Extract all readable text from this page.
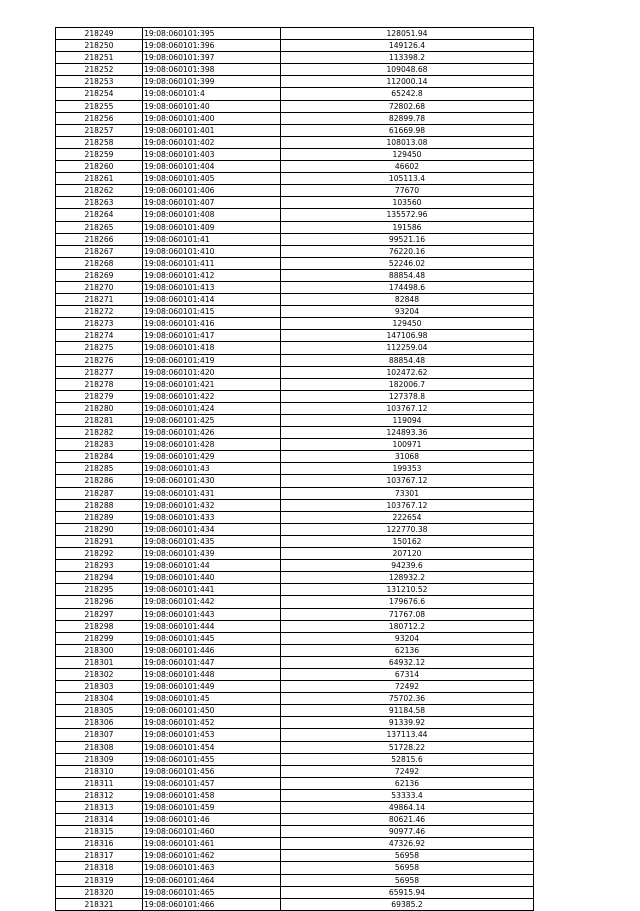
218249	19:08:060101:395	128051.94
218250	19:08:060101:396	149126.4
218251	19:08:060101:397	113398.2
218252	19:08:060101:398	109048.68
218253	19:08:060101:399	112000.14
218254	19:08:060101:4	65242.8
218255	19:08:060101:40	72802.68
218256	19:08:060101:400	82899.78
218257	19:08:060101:401	61669.98
218258	19:08:060101:402	108013.08
218259	19:08:060101:403	129450
218260	19:08:060101:404	46602
218261	19:08:060101:405	105113.4
218262	19:08:060101:406	77670
218263	19:08:060101:407	103560
218264	19:08:060101:408	135572.96
218265	19:08:060101:409	191586
218266	19:08:060101:41	99521.16
218267	19:08:060101:410	76220.16
218268	19:08:060101:411	52246.02
218269	19:08:060101:412	88854.48
218270	19:08:060101:413	174498.6
218271	19:08:060101:414	82848
218272	19:08:060101:415	93204
218273	19:08:060101:416	129450
218274	19:08:060101:417	147106.98
218275	19:08:060101:418	112259.04
218276	19:08:060101:419	88854.48
218277	19:08:060101:420	102472.62
218278	19:08:060101:421	182006.7
218279	19:08:060101:422	127378.8
218280	19:08:060101:424	103767.12
218281	19:08:060101:425	119094
218282	19:08:060101:426	124893.36
218283	19:08:060101:428	100971
218284	19:08:060101:429	31068
218285	19:08:060101:43	199353
218286	19:08:060101:430	103767.12
218287	19:08:060101:431	73301
218288	19:08:060101:432	103767.12
218289	19:08:060101:433	222654
218290	19:08:060101:434	122770.38
218291	19:08:060101:435	150162
218292	19:08:060101:439	207120
218293	19:08:060101:44	94239.6
218294	19:08:060101:440	128932.2
218295	19:08:060101:441	131210.52
218296	19:08:060101:442	179676.6
218297	19:08:060101:443	71767.08
218298	19:08:060101:444	180712.2
218299	19:08:060101:445	93204
218300	19:08:060101:446	62136
218301	19:08:060101:447	64932.12
218302	19:08:060101:448	67314
218303	19:08:060101:449	72492
218304	19:08:060101:45	75702.36
218305	19:08:060101:450	91184.58
218306	19:08:060101:452	91339.92
218307	19:08:060101:453	137113.44
218308	19:08:060101:454	51728.22
218309	19:08:060101:455	52815.6
218310	19:08:060101:456	72492
218311	19:08:060101:457	62136
218312	19:08:060101:458	53333.4
218313	19:08:060101:459	49864.14
218314	19:08:060101:46	80621.46
218315	19:08:060101:460	90977.46
218316	19:08:060101:461	47326.92
218317	19:08:060101:462	56958
218318	19:08:060101:463	56958
218319	19:08:060101:464	56958
218320	19:08:060101:465	65915.94
218321	19:08:060101:466	69385.2
